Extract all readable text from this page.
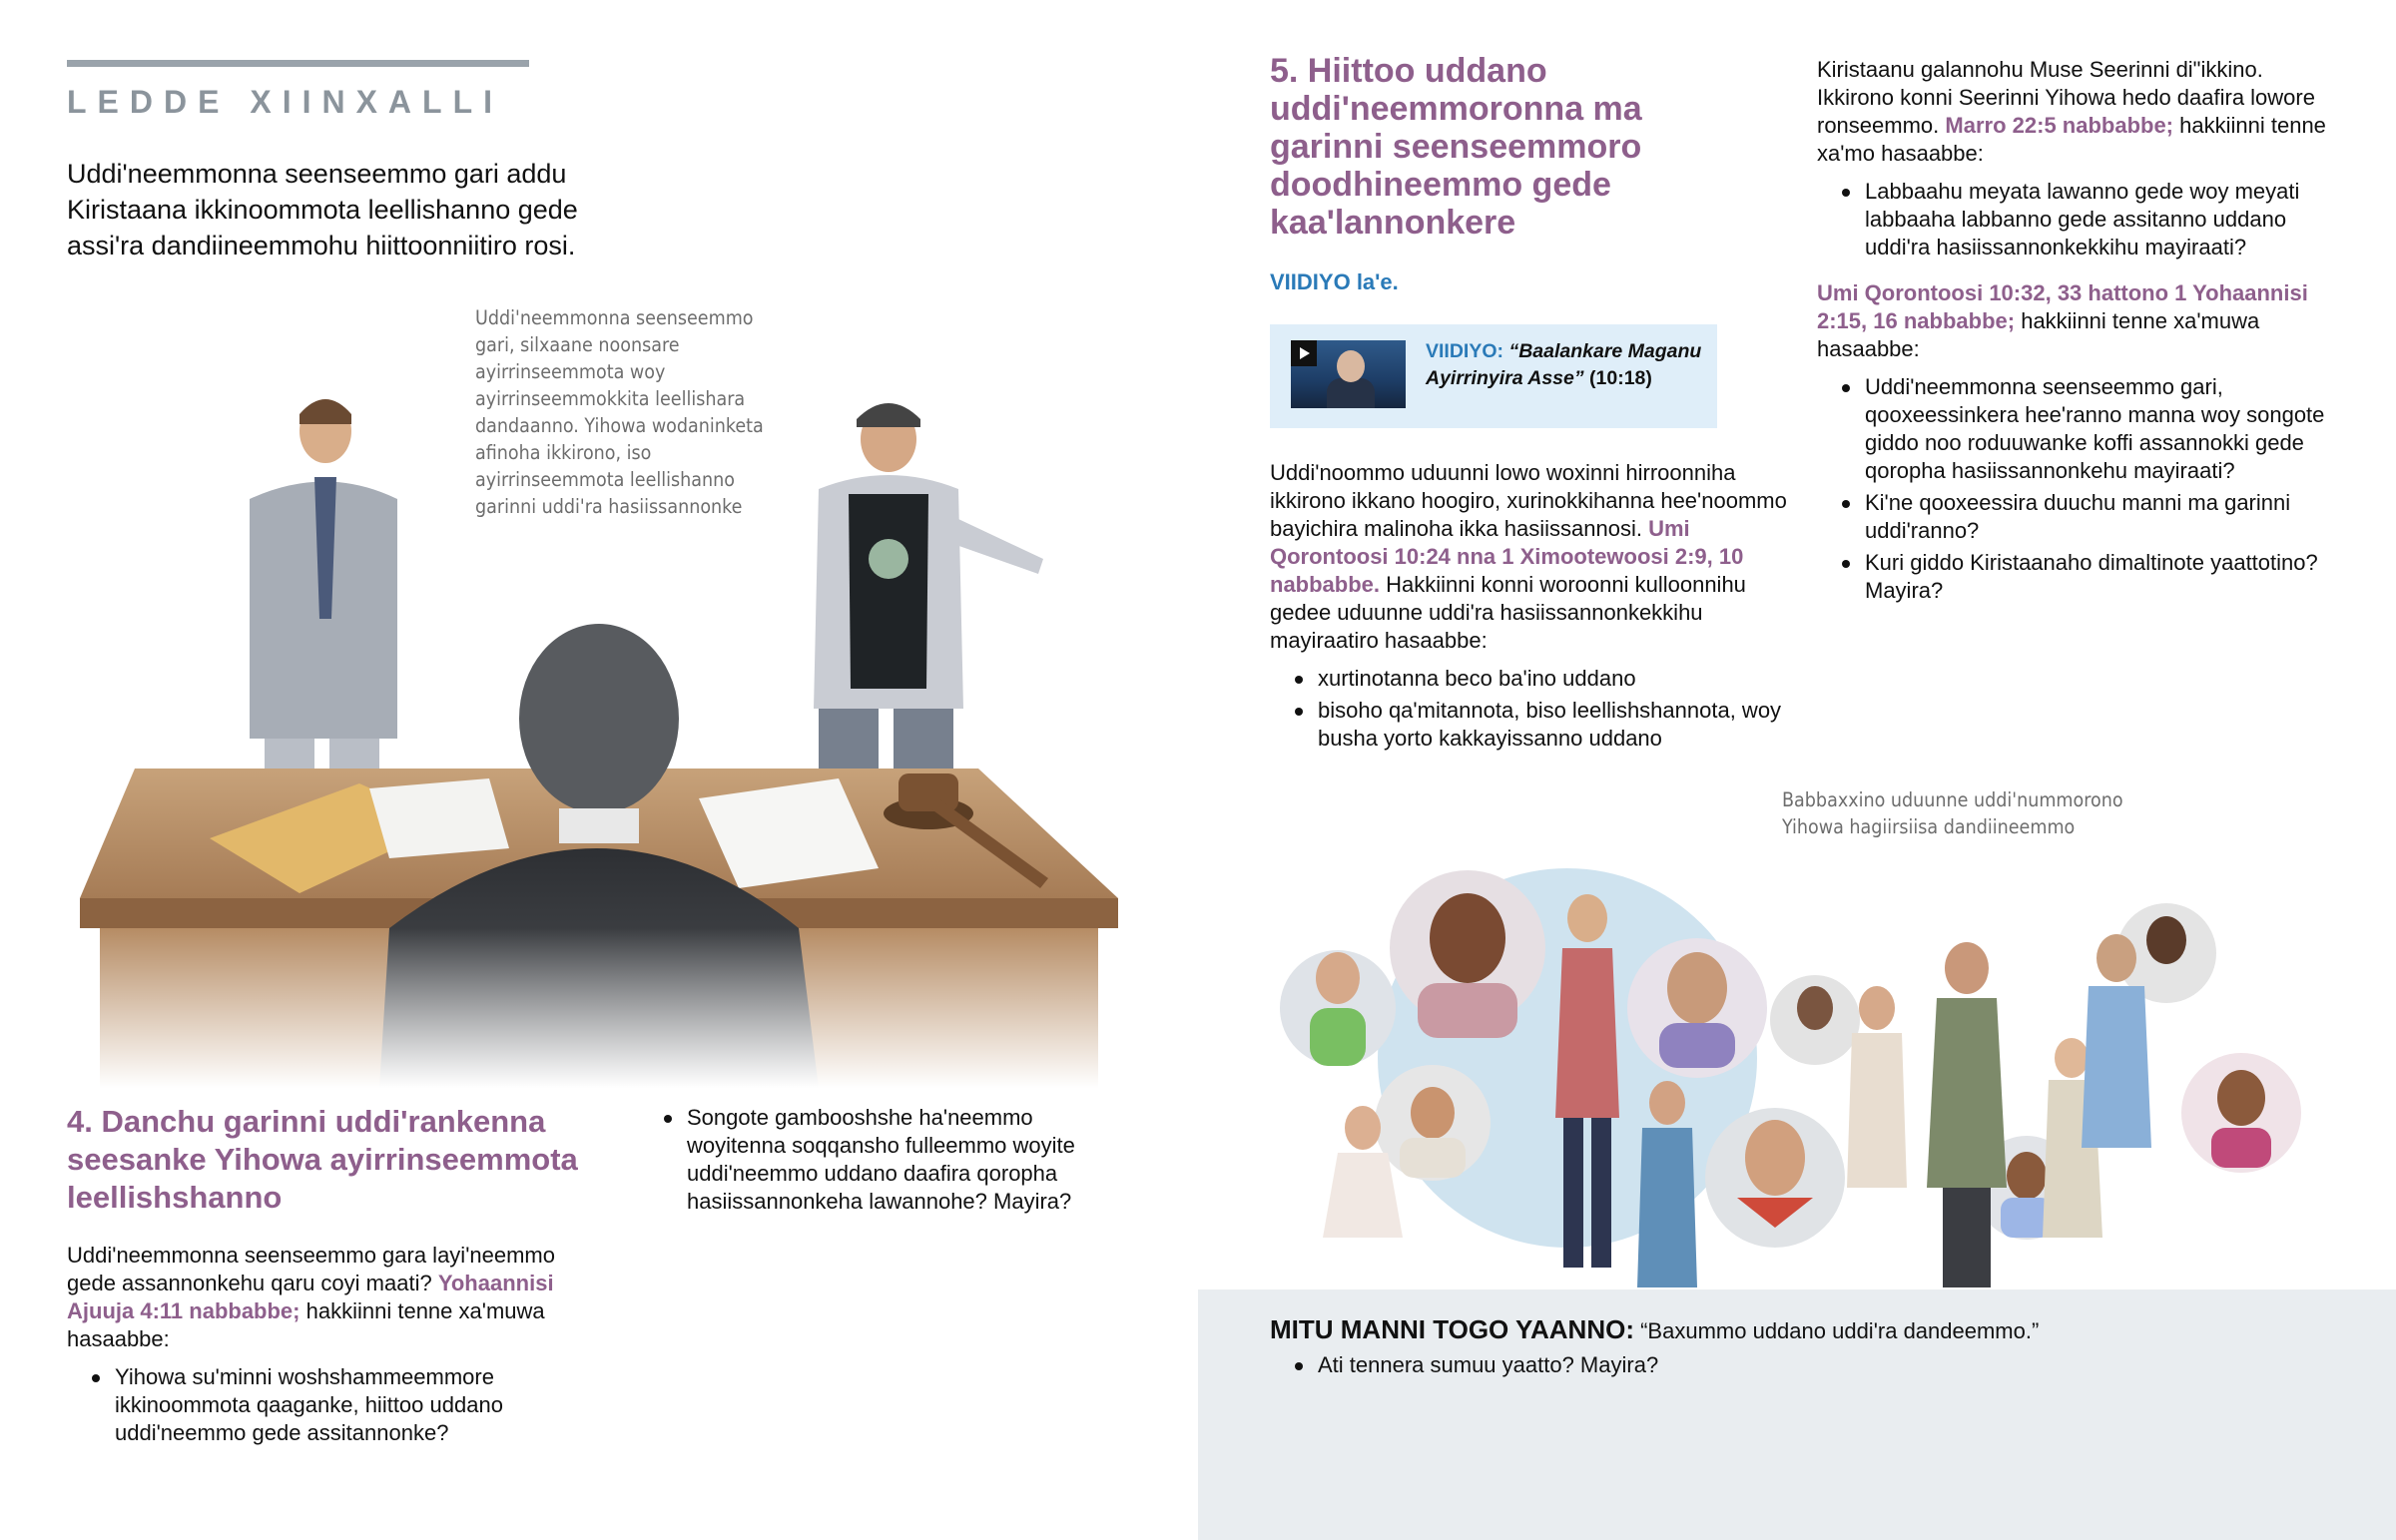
LEDDE XIINXALLI

Uddi'neemmonna seenseemmo gari addu Kiristaana ikkinoommota leellishanno gede assi'ra dandiineemmohu hiittoonniitiro rosi.

Uddi'neemmonna seenseemmo gari, silxaane noonsare ayirrinseemmota woy ayirrinseemmokkita leellishara dandaanno. Yihowa wodaninketa afinoha ikkirono, iso ayirrinseemmota leellishanno garinni uddi'ra hasiissannonke
4. Danchu garinni uddi'rankenna seesanke Yihowa ayirrinseemmota leellishshanno

Uddi'neemmonna seenseemmo gara layi'neemmo gede assannonkehu qaru coyi maati? Yohaannisi Ajuuja 4:11 nabbabbe; hakkiinni tenne xa'muwa hasaabbe:

Yihowa su'minni woshshammeemmore ikkinoommota qaaganke, hiittoo uddano uddi'neemmo gede assitannonke?
Songote gambooshshe ha'neemmo woyitenna soqqansho fulleemmo woyite uddi'neemmo uddano daafira qoropha hasiissannonkeha lawannohe? Mayira?
5. Hiittoo uddano uddi'neemmoronna ma garinni seenseemmoro doodhineemmo gede kaa'lannonkere
VIIDIYO la'e.
VIIDIYO: “Baalankare Maganu Ayirrinyira Asse” (10:18)

Uddi'noommo uduunni lowo woxinni hirroonniha ikkirono ikkano hoogiro, xurinokkihanna hee'noommo bayichira malinoha ikka hasiissannosi. Umi Qorontoosi 10:24 nna 1 Ximootewoosi 2:9, 10 nabbabbe. Hakkiinni konni woroonni kulloonnihu gedee uduunne uddi'ra hasiissannonkekkihu mayiraatiro hasaabbe:

xurtinotanna beco ba'ino uddano
bisoho qa'mitannota, biso leellishshannota, woy busha yorto kakkayissanno uddano

Kiristaanu galannohu Muse Seerinni di"ikkino. Ikkirono konni Seerinni Yihowa hedo daafira lowore ronseemmo. Marro 22:5 nabbabbe; hakkiinni tenne xa'mo hasaabbe:

Labbaahu meyata lawanno gede woy meyati labbaaha labbanno gede assitanno uddano uddi'ra hasiissannonkekkihu mayiraati?

Umi Qorontoosi 10:32, 33 hattono 1 Yohaannisi 2:15, 16 nabbabbe; hakkiinni tenne xa'muwa hasaabbe:

Uddi'neemmonna seenseemmo gari, qooxeessinkera hee'ranno manna woy songote giddo noo roduuwanke koffi assannokki gede qoropha hasiissannonkehu mayiraati?
Ki'ne qooxeessira duuchu manni ma garinni uddi'ranno?
Kuri giddo Kiristaanaho dimaltinote yaattotino? Mayira?
Babbaxxino uduunne uddi'nummorono Yihowa hagiirsiisa dandiineemmo

MITU MANNI TOGO YAANNO: “Baxummo uddano uddi'ra dandeemmo.”

Ati tennera sumuu yaatto? Mayira?
